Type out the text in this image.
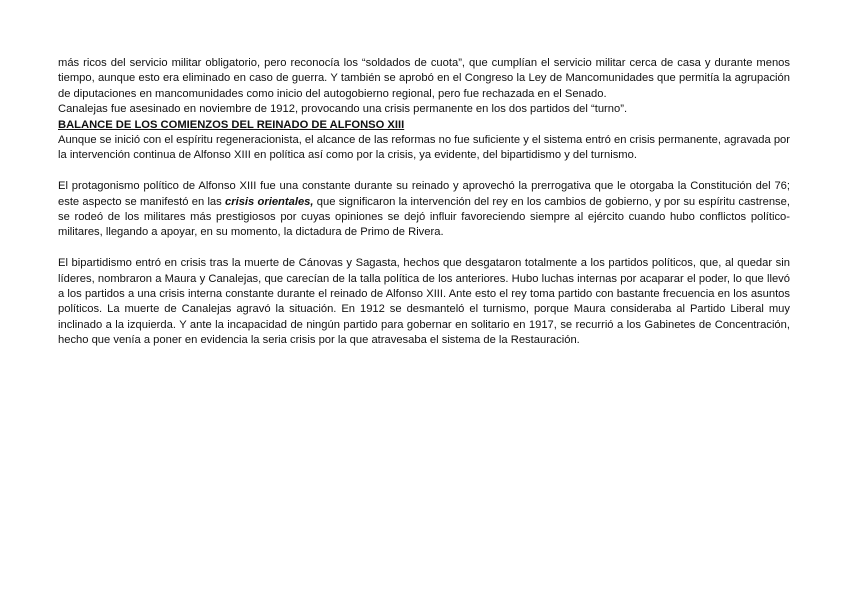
más ricos del servicio militar obligatorio, pero reconocía los “soldados de cuota”, que cumplían el servicio militar cerca de casa y durante menos tiempo, aunque esto era eliminado en caso de guerra. Y también se aprobó en el Congreso la Ley de Mancomunidades que permitía la agrupación de diputaciones en mancomunidades como inicio del autogobierno regional, pero fue rechazada en el Senado.

Canalejas fue asesinado en noviembre de 1912, provocando una crisis permanente en los dos partidos del “turno”.

BALANCE DE LOS COMIENZOS DEL REINADO DE ALFONSO XIII

Aunque se inició con el espíritu regeneracionista, el alcance de las reformas no fue suficiente y el sistema entró en crisis permanente, agravada por la intervención continua de Alfonso XIII en política así como por la crisis, ya evidente, del bipartidismo y del turnismo.

El protagonismo político de Alfonso XIII fue una constante durante su reinado y aprovechó la prerrogativa que le otorgaba la Constitución del 76; este aspecto se manifestó en las crisis orientales, que significaron la intervención del rey en los cambios de gobierno, y por su espíritu castrense, se rodeó de los militares más prestigiosos por cuyas opiniones se dejó influir favoreciendo siempre al ejército cuando hubo conflictos político-militares, llegando a apoyar, en su momento, la dictadura de Primo de Rivera.

El bipartidismo entró en crisis tras la muerte de Cánovas y Sagasta, hechos que desgataron totalmente a los partidos políticos, que, al quedar sin líderes, nombraron a Maura y Canalejas, que carecían de la talla política de los anteriores. Hubo luchas internas por acaparar el poder, lo que llevó a los partidos a una crisis interna constante durante el reinado de Alfonso XIII. Ante esto el rey toma partido con bastante frecuencia en los asuntos políticos. La muerte de Canalejas agravó la situación. En 1912 se desmanteló el turnismo, porque Maura consideraba al Partido Liberal muy inclinado a la izquierda. Y ante la incapacidad de ningún partido para gobernar en solitario en 1917, se recurrió a los Gabinetes de Concentración, hecho que venía a poner en evidencia la seria crisis por la que atravesaba el sistema de la Restauración.
